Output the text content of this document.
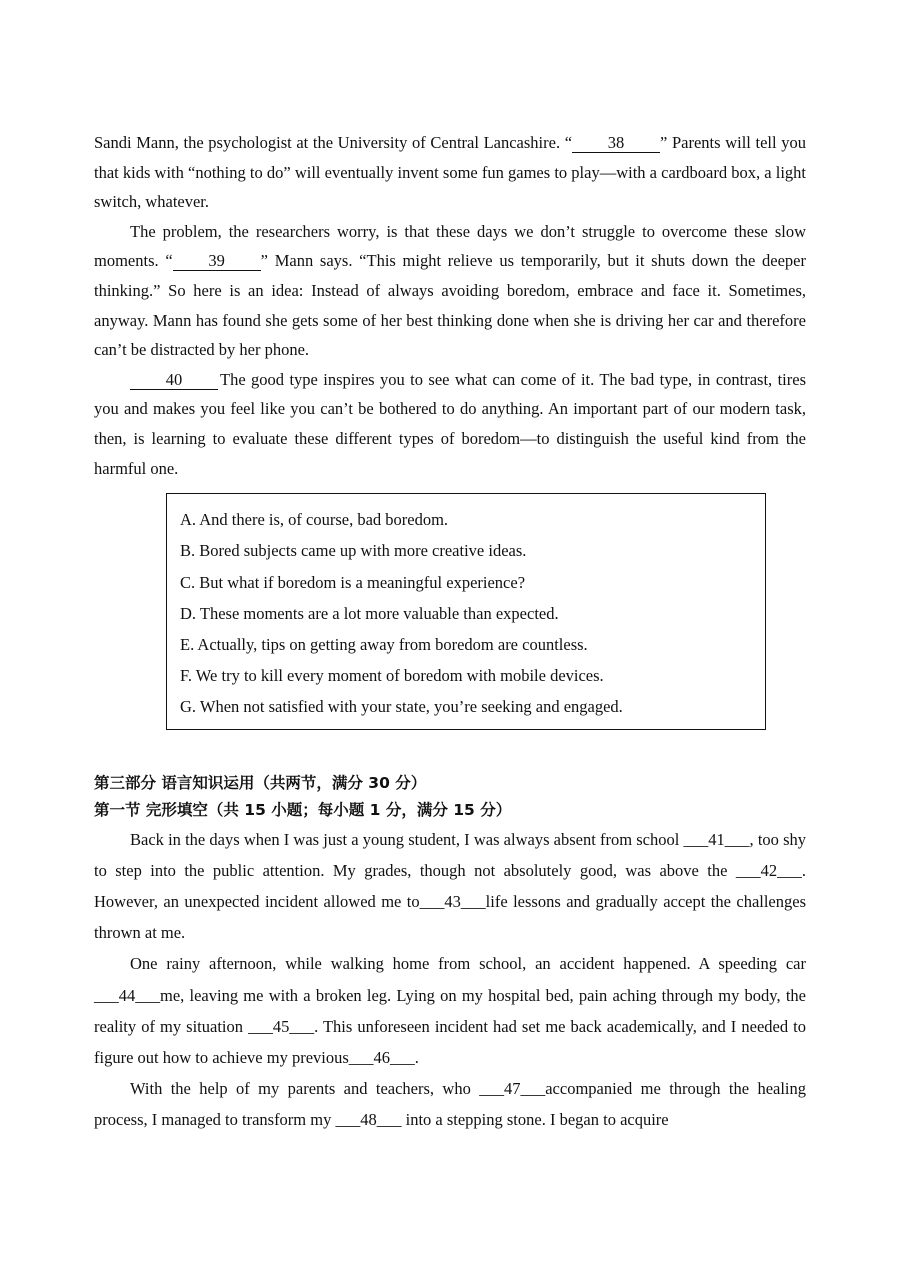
Sandi Mann, the psychologist at the University of Central Lancashire. “ 38 ” Parents will tell you that kids with “nothing to do” will eventually invent some fun games to play—with a cardboard box, a light switch, whatever.

The problem, the researchers worry, is that these days we don’t struggle to overcome these slow moments. “ 39 ” Mann says. “This might relieve us temporarily, but it shuts down the deeper thinking.” So here is an idea: Instead of always avoiding boredom, embrace and face it. Sometimes, anyway. Mann has found she gets some of her best thinking done when she is driving her car and therefore can’t be distracted by her phone.

40 The good type inspires you to see what can come of it. The bad type, in contrast, tires you and makes you feel like you can’t be bothered to do anything. An important part of our modern task, then, is learning to evaluate these different types of boredom—to distinguish the useful kind from the harmful one.

A. And there is, of course, bad boredom.

B. Bored subjects came up with more creative ideas.

C. But what if boredom is a meaningful experience?

D. These moments are a lot more valuable than expected.

E. Actually, tips on getting away from boredom are countless.

F. We try to kill every moment of boredom with mobile devices.

G. When not satisfied with your state, you’re seeking and engaged.

第三部分 语言知识运用（共两节，满分 30 分）

第一节 完形填空（共 15 小题；每小题 1 分，满分 15 分）

Back in the days when I was just a young student, I was always absent from school ___41___, too shy to step into the public attention. My grades, though not absolutely good, was above the ___42___. However, an unexpected incident allowed me to___43___life lessons and gradually accept the challenges thrown at me.

One rainy afternoon, while walking home from school, an accident happened. A speeding car ___44___me, leaving me with a broken leg. Lying on my hospital bed, pain aching through my body, the reality of my situation ___45___. This unforeseen incident had set me back academically, and I needed to figure out how to achieve my previous___46___.

With the help of my parents and teachers, who ___47___accompanied me through the healing process, I managed to transform my ___48___ into a stepping stone. I began to acquire
